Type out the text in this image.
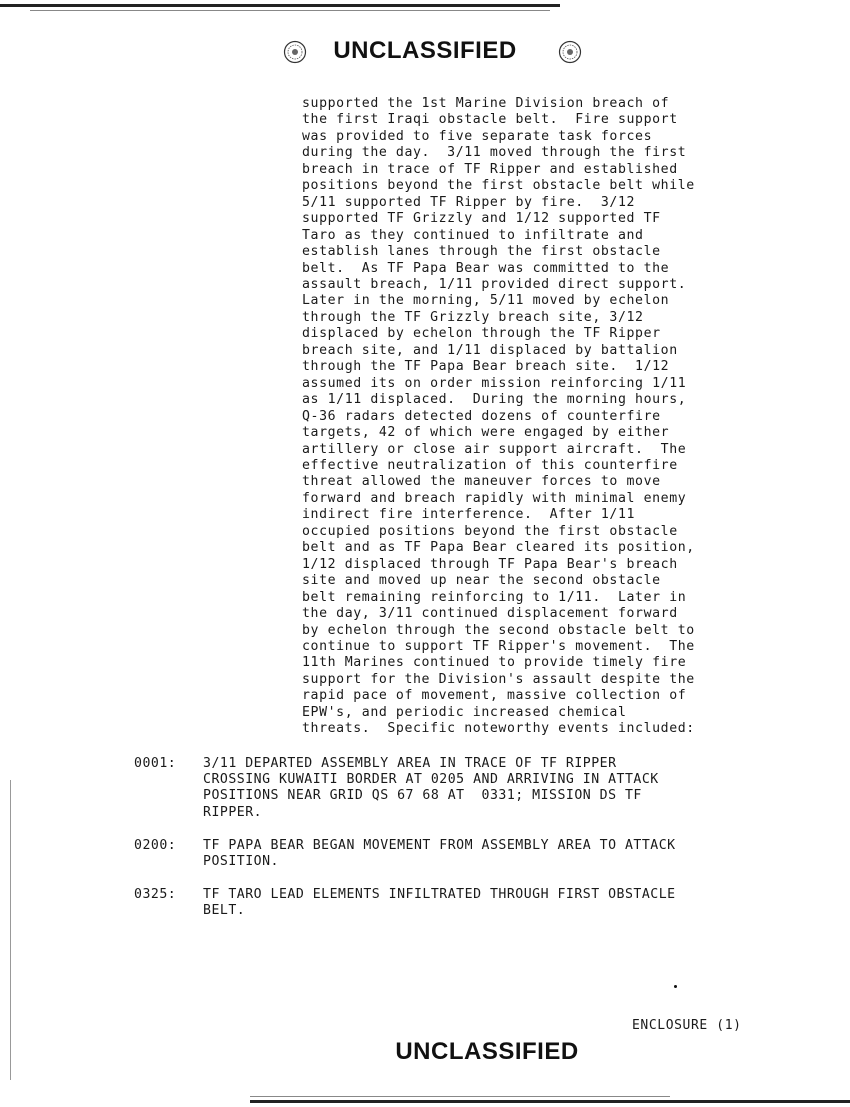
UNCLASSIFIED
supported the 1st Marine Division breach of
the first Iraqi obstacle belt.  Fire support
was provided to five separate task forces
during the day.  3/11 moved through the first
breach in trace of TF Ripper and established
positions beyond the first obstacle belt while
5/11 supported TF Ripper by fire.  3/12
supported TF Grizzly and 1/12 supported TF
Taro as they continued to infiltrate and
establish lanes through the first obstacle
belt.  As TF Papa Bear was committed to the
assault breach, 1/11 provided direct support.
Later in the morning, 5/11 moved by echelon
through the TF Grizzly breach site, 3/12
displaced by echelon through the TF Ripper
breach site, and 1/11 displaced by battalion
through the TF Papa Bear breach site.  1/12
assumed its on order mission reinforcing 1/11
as 1/11 displaced.  During the morning hours,
Q-36 radars detected dozens of counterfire
targets, 42 of which were engaged by either
artillery or close air support aircraft.  The
effective neutralization of this counterfire
threat allowed the maneuver forces to move
forward and breach rapidly with minimal enemy
indirect fire interference.  After 1/11
occupied positions beyond the first obstacle
belt and as TF Papa Bear cleared its position,
1/12 displaced through TF Papa Bear's breach
site and moved up near the second obstacle
belt remaining reinforcing to 1/11.  Later in
the day, 3/11 continued displacement forward
by echelon through the second obstacle belt to
continue to support TF Ripper's movement.  The
11th Marines continued to provide timely fire
support for the Division's assault despite the
rapid pace of movement, massive collection of
EPW's, and periodic increased chemical
threats.  Specific noteworthy events included:
0001:	3/11 DEPARTED ASSEMBLY AREA IN TRACE OF TF RIPPER
CROSSING KUWAITI BORDER AT 0205 AND ARRIVING IN ATTACK
POSITIONS NEAR GRID QS 67 68 AT  0331; MISSION DS TF
RIPPER.
0200:	TF PAPA BEAR BEGAN MOVEMENT FROM ASSEMBLY AREA TO ATTACK
POSITION.
0325:	TF TARO LEAD ELEMENTS INFILTRATED THROUGH FIRST OBSTACLE
BELT.
ENCLOSURE (1)
UNCLASSIFIED
